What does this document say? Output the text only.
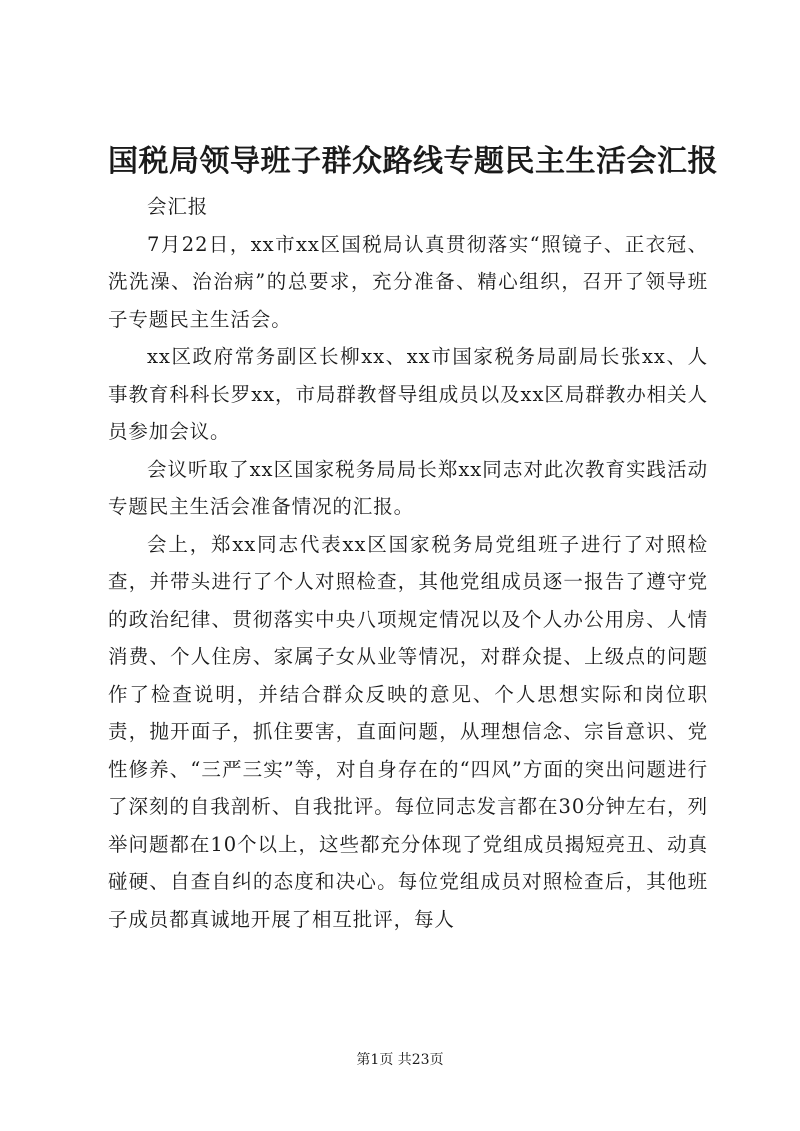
国税局领导班子群众路线专题民主生活会汇报

会汇报

7月22日，xx市xx区国税局认真贯彻落实“照镜子、正衣冠、洗洗澡、治治病”的总要求，充分准备、精心组织，召开了领导班子专题民主生活会。

xx区政府常务副区长柳xx、xx市国家税务局副局长张xx、人事教育科科长罗xx，市局群教督导组成员以及xx区局群教办相关人员参加会议。

会议听取了xx区国家税务局局长郑xx同志对此次教育实践活动专题民主生活会准备情况的汇报。

会上，郑xx同志代表xx区国家税务局党组班子进行了对照检查，并带头进行了个人对照检查，其他党组成员逐一报告了遵守党的政治纪律、贯彻落实中央八项规定情况以及个人办公用房、人情消费、个人住房、家属子女从业等情况，对群众提、上级点的问题作了检查说明，并结合群众反映的意见、个人思想实际和岗位职责，抛开面子，抓住要害，直面问题，从理想信念、宗旨意识、党性修养、“三严三实”等，对自身存在的“四风”方面的突出问题进行了深刻的自我剖析、自我批评。每位同志发言都在30分钟左右，列举问题都在10个以上，这些都充分体现了党组成员揭短亮丑、动真碰硬、自查自纠的态度和决心。每位党组成员对照检查后，其他班子成员都真诚地开展了相互批评，每人

第1页 共23页
